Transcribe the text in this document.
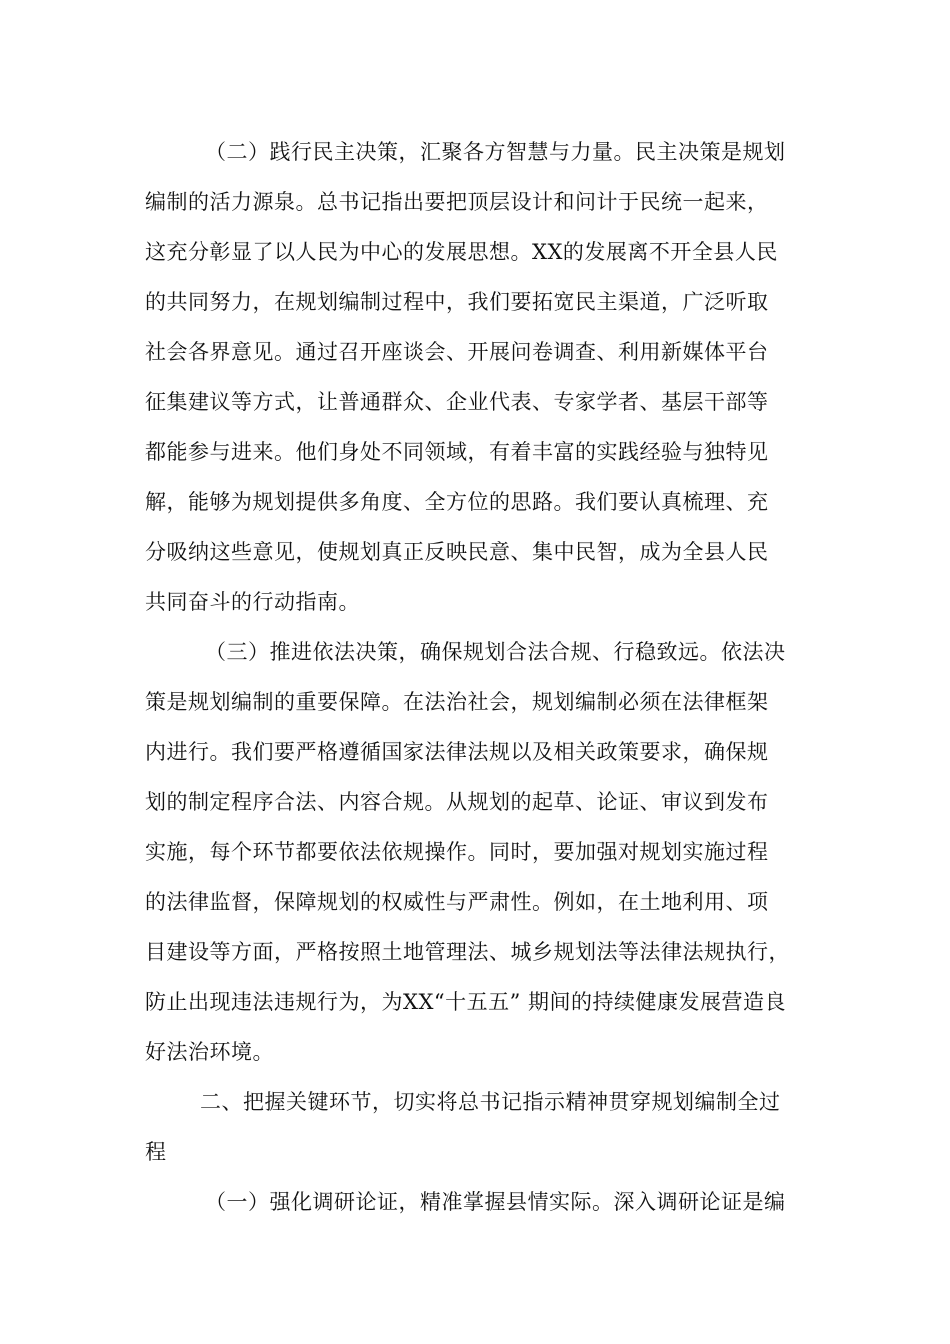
（二）践行民主决策，汇聚各方智慧与力量。民主决策是规划
编制的活力源泉。总书记指出要把顶层设计和问计于民统一起来，
这充分彰显了以人民为中心的发展思想。XX的发展离不开全县人民
的共同努力，在规划编制过程中，我们要拓宽民主渠道，广泛听取
社会各界意见。通过召开座谈会、开展问卷调查、利用新媒体平台
征集建议等方式，让普通群众、企业代表、专家学者、基层干部等
都能参与进来。他们身处不同领域，有着丰富的实践经验与独特见
解，能够为规划提供多角度、全方位的思路。我们要认真梳理、充
分吸纳这些意见，使规划真正反映民意、集中民智，成为全县人民
共同奋斗的行动指南。
（三）推进依法决策，确保规划合法合规、行稳致远。依法决
策是规划编制的重要保障。在法治社会，规划编制必须在法律框架
内进行。我们要严格遵循国家法律法规以及相关政策要求，确保规
划的制定程序合法、内容合规。从规划的起草、论证、审议到发布
实施，每个环节都要依法依规操作。同时，要加强对规划实施过程
的法律监督，保障规划的权威性与严肃性。例如，在土地利用、项
目建设等方面，严格按照土地管理法、城乡规划法等法律法规执行，
防止出现违法违规行为，为XX“十五五” 期间的持续健康发展营造良
好法治环境。
二、把握关键环节，切实将总书记指示精神贯穿规划编制全过
程
（一）强化调研论证，精准掌握县情实际。深入调研论证是编
